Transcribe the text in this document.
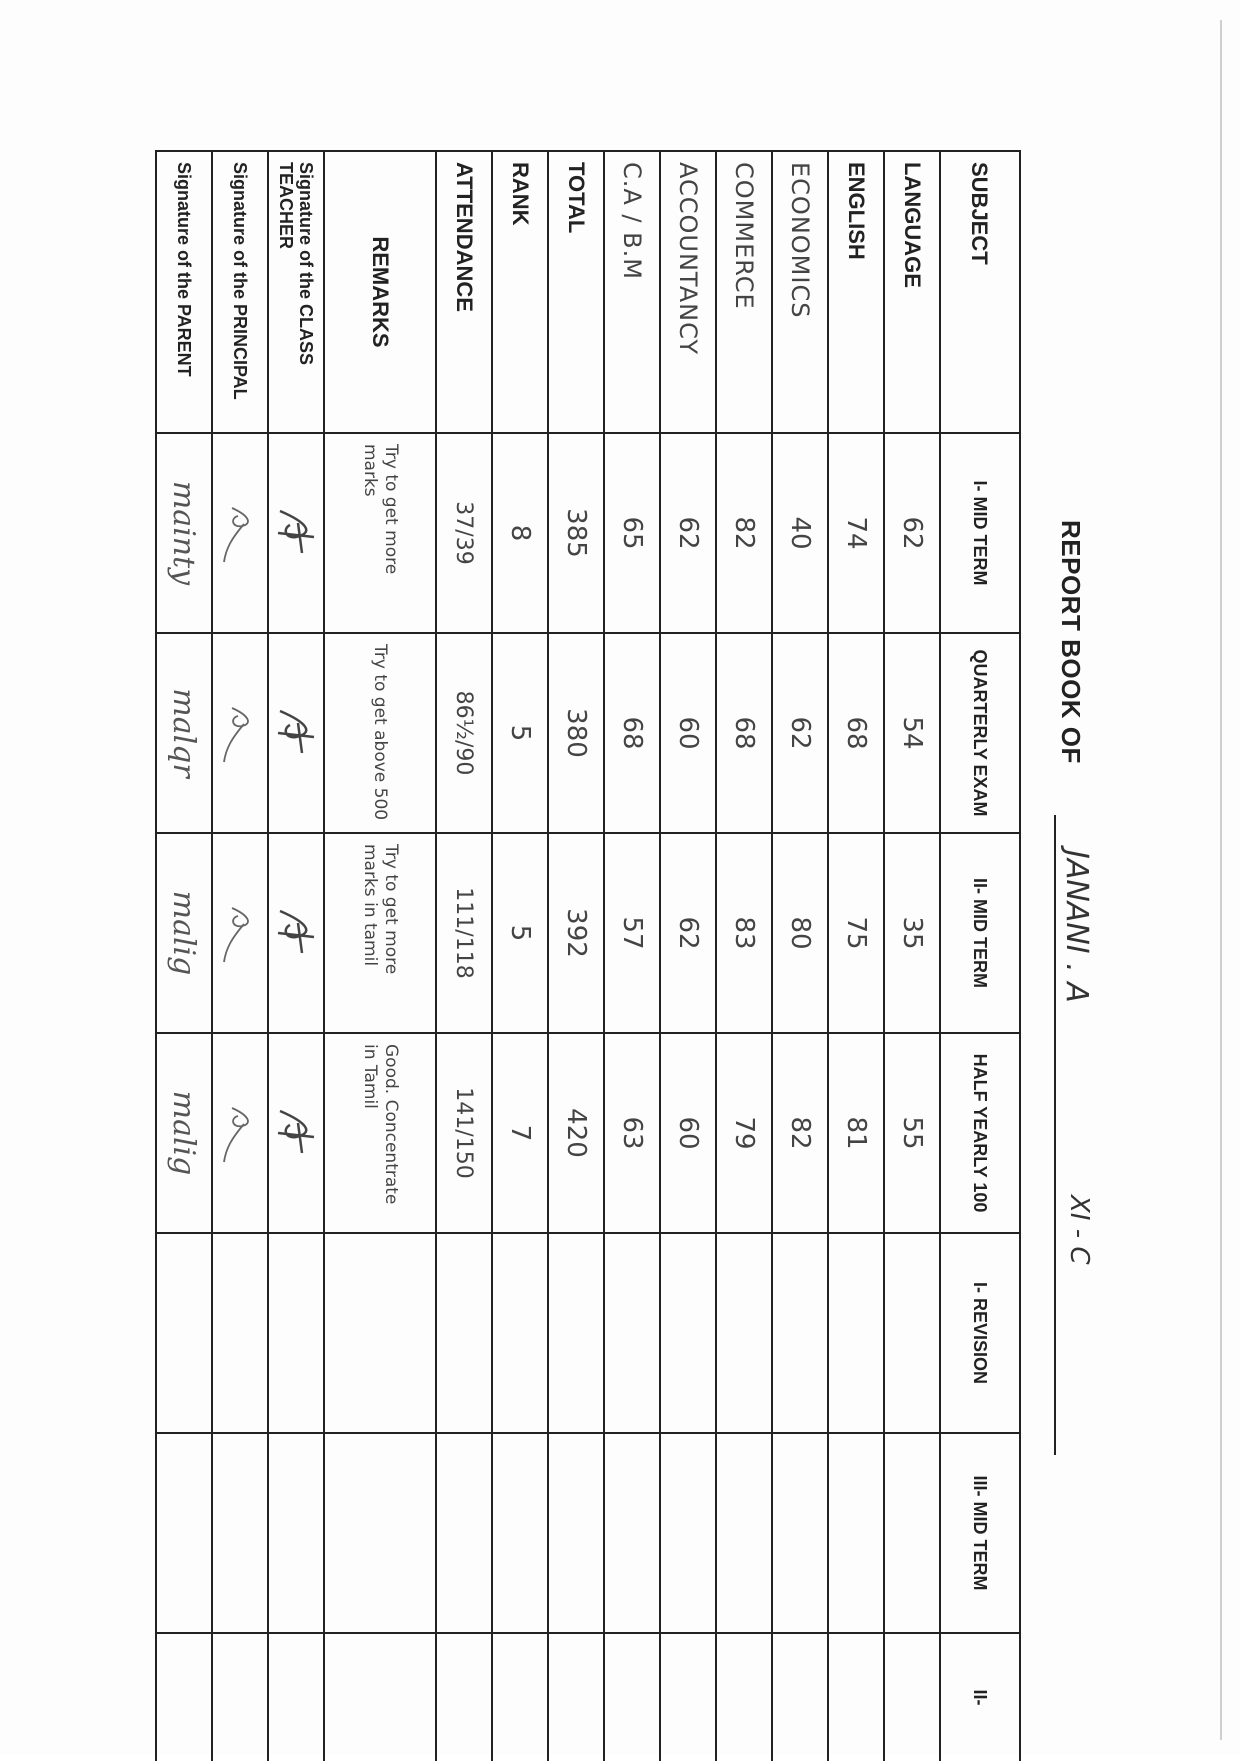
REPORT BOOK OF
JANANI . A
XI - C
SUBJECT	I- MID TERM	QUARTERLY EXAM	II- MID TERM	HALF YEARLY 100	I- REVISION	III- MID TERM	II-
LANGUAGE	62	54	35	55			
ENGLISH	74	68	75	81			
ECONOMICS	40	62	80	82			
COMMERCE	82	68	83	79			
ACCOUNTANCY	62	60	62	60			
C.A / B.M	65	68	57	63			
TOTAL	385	380	392	420			
RANK	8	5	5	7			
ATTENDANCE	37/39	86½/90	111/118	141/150			
REMARKS	Try to get more marks	Try to get above 500	Try to get more marks in tamil	Good. Concentrate in Tamil			
Signature of the CLASS TEACHER	

Signature of the PRINCIPAL	

Signature of the PARENT	mainty	malqr	malig	malig			
